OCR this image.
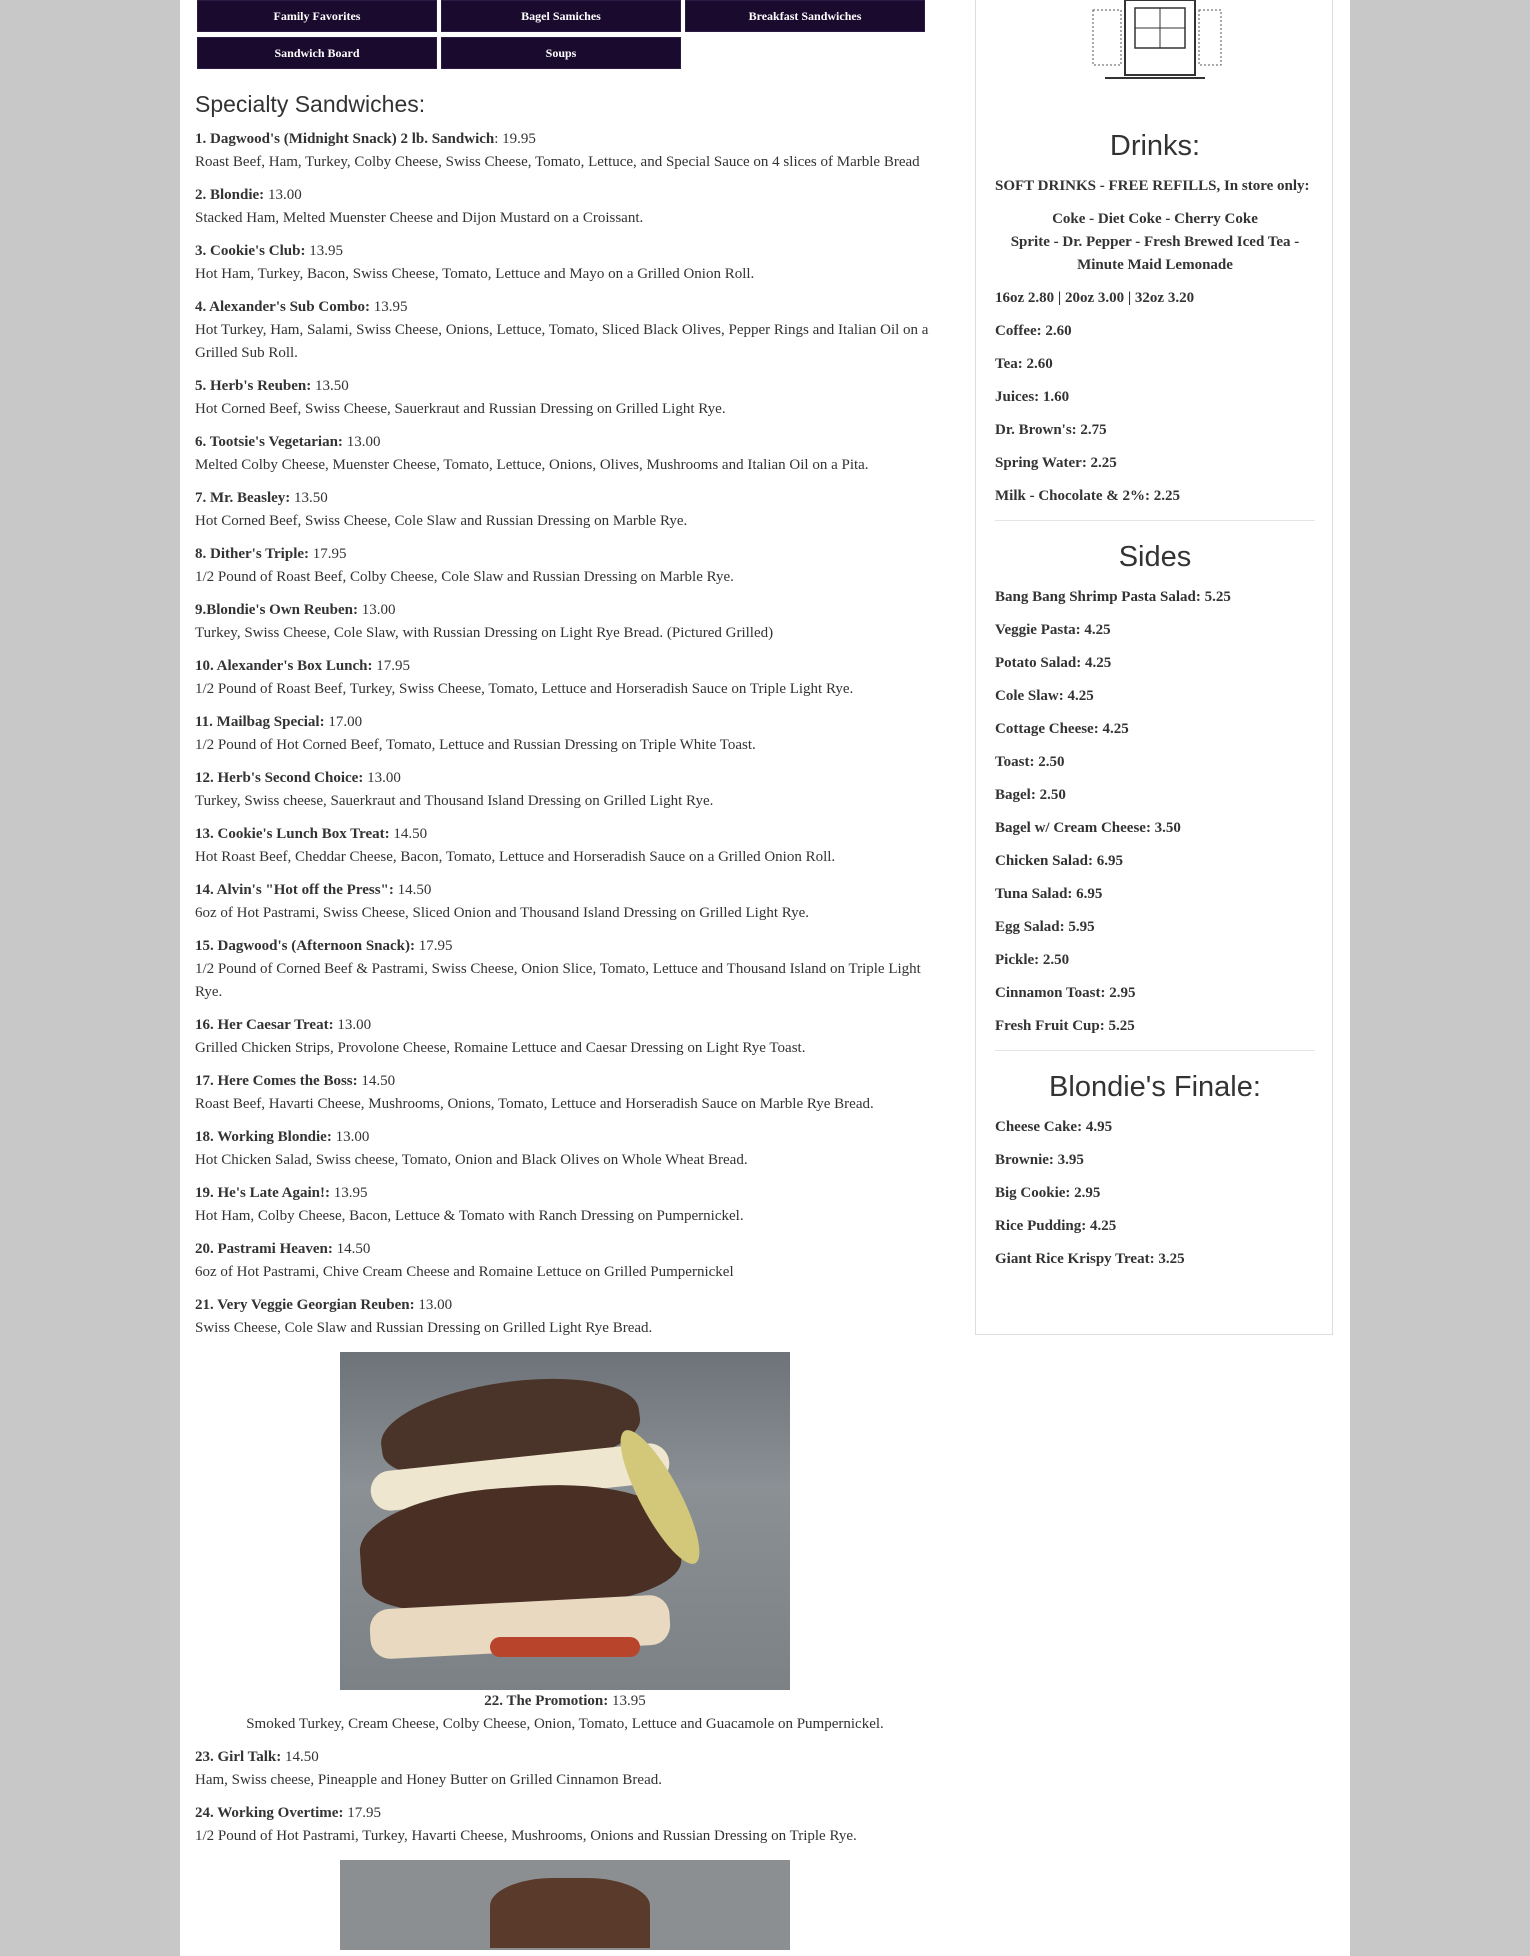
Family Favorites	Bagel Samiches	Breakfast Sandwiches
Sandwich Board	Soups
Specialty Sandwiches:
1. Dagwood's (Midnight Snack) 2 lb. Sandwich: 19.95
Roast Beef, Ham, Turkey, Colby Cheese, Swiss Cheese, Tomato, Lettuce, and Special Sauce on 4 slices of Marble Bread
2. Blondie: 13.00
Stacked Ham, Melted Muenster Cheese and Dijon Mustard on a Croissant.
3. Cookie's Club: 13.95
Hot Ham, Turkey, Bacon, Swiss Cheese, Tomato, Lettuce and Mayo on a Grilled Onion Roll.
4. Alexander's Sub Combo: 13.95
Hot Turkey, Ham, Salami, Swiss Cheese, Onions, Lettuce, Tomato, Sliced Black Olives, Pepper Rings and Italian Oil on a Grilled Sub Roll.
5. Herb's Reuben: 13.50
Hot Corned Beef, Swiss Cheese, Sauerkraut and Russian Dressing on Grilled Light Rye.
6. Tootsie's Vegetarian: 13.00
Melted Colby Cheese, Muenster Cheese, Tomato, Lettuce, Onions, Olives, Mushrooms and Italian Oil on a Pita.
7. Mr. Beasley: 13.50
Hot Corned Beef, Swiss Cheese, Cole Slaw and Russian Dressing on Marble Rye.
8. Dither's Triple: 17.95
1/2 Pound of Roast Beef, Colby Cheese, Cole Slaw and Russian Dressing on Marble Rye.
9.Blondie's Own Reuben: 13.00
Turkey, Swiss Cheese, Cole Slaw, with Russian Dressing on Light Rye Bread. (Pictured Grilled)
10. Alexander's Box Lunch: 17.95
1/2 Pound of Roast Beef, Turkey, Swiss Cheese, Tomato, Lettuce and Horseradish Sauce on Triple Light Rye.
11. Mailbag Special: 17.00
1/2 Pound of Hot Corned Beef, Tomato, Lettuce and Russian Dressing on Triple White Toast.
12. Herb's Second Choice: 13.00
Turkey, Swiss cheese, Sauerkraut and Thousand Island Dressing on Grilled Light Rye.
13. Cookie's Lunch Box Treat: 14.50
Hot Roast Beef, Cheddar Cheese, Bacon, Tomato, Lettuce and Horseradish Sauce on a Grilled Onion Roll.
14. Alvin's "Hot off the Press": 14.50
6oz of Hot Pastrami, Swiss Cheese, Sliced Onion and Thousand Island Dressing on Grilled Light Rye.
15. Dagwood's (Afternoon Snack): 17.95
1/2 Pound of Corned Beef & Pastrami, Swiss Cheese, Onion Slice, Tomato, Lettuce and Thousand Island on Triple Light Rye.
16. Her Caesar Treat: 13.00
Grilled Chicken Strips, Provolone Cheese, Romaine Lettuce and Caesar Dressing on Light Rye Toast.
17. Here Comes the Boss: 14.50
Roast Beef, Havarti Cheese, Mushrooms, Onions, Tomato, Lettuce and Horseradish Sauce on Marble Rye Bread.
18. Working Blondie: 13.00
Hot Chicken Salad, Swiss cheese, Tomato, Onion and Black Olives on Whole Wheat Bread.
19. He's Late Again!: 13.95
Hot Ham, Colby Cheese, Bacon, Lettuce & Tomato with Ranch Dressing on Pumpernickel.
20. Pastrami Heaven: 14.50
6oz of Hot Pastrami, Chive Cream Cheese and Romaine Lettuce on Grilled Pumpernickel
21. Very Veggie Georgian Reuben: 13.00
Swiss Cheese, Cole Slaw and Russian Dressing on Grilled Light Rye Bread.
22. The Promotion: 13.95
Smoked Turkey, Cream Cheese, Colby Cheese, Onion, Tomato, Lettuce and Guacamole on Pumpernickel.
23. Girl Talk: 14.50
Ham, Swiss cheese, Pineapple and Honey Butter on Grilled Cinnamon Bread.
24. Working Overtime: 17.95
1/2 Pound of Hot Pastrami, Turkey, Havarti Cheese, Mushrooms, Onions and Russian Dressing on Triple Rye.
Drinks:

SOFT DRINKS - FREE REFILLS, In store only:

Coke - Diet Coke - Cherry Coke

Sprite - Dr. Pepper - Fresh Brewed Iced Tea - Minute Maid Lemonade

16oz 2.80 | 20oz 3.00 | 32oz 3.20

Coffee: 2.60

Tea: 2.60

Juices: 1.60

Dr. Brown's: 2.75

Spring Water: 2.25

Milk - Chocolate & 2%: 2.25

Sides

Bang Bang Shrimp Pasta Salad: 5.25

Veggie Pasta: 4.25

Potato Salad: 4.25

Cole Slaw: 4.25

Cottage Cheese: 4.25

Toast: 2.50

Bagel: 2.50

Bagel w/ Cream Cheese: 3.50

Chicken Salad: 6.95

Tuna Salad: 6.95

Egg Salad: 5.95

Pickle: 2.50

Cinnamon Toast: 2.95

Fresh Fruit Cup: 5.25

Blondie's Finale:

Cheese Cake: 4.95

Brownie: 3.95

Big Cookie: 2.95

Rice Pudding: 4.25

Giant Rice Krispy Treat: 3.25
